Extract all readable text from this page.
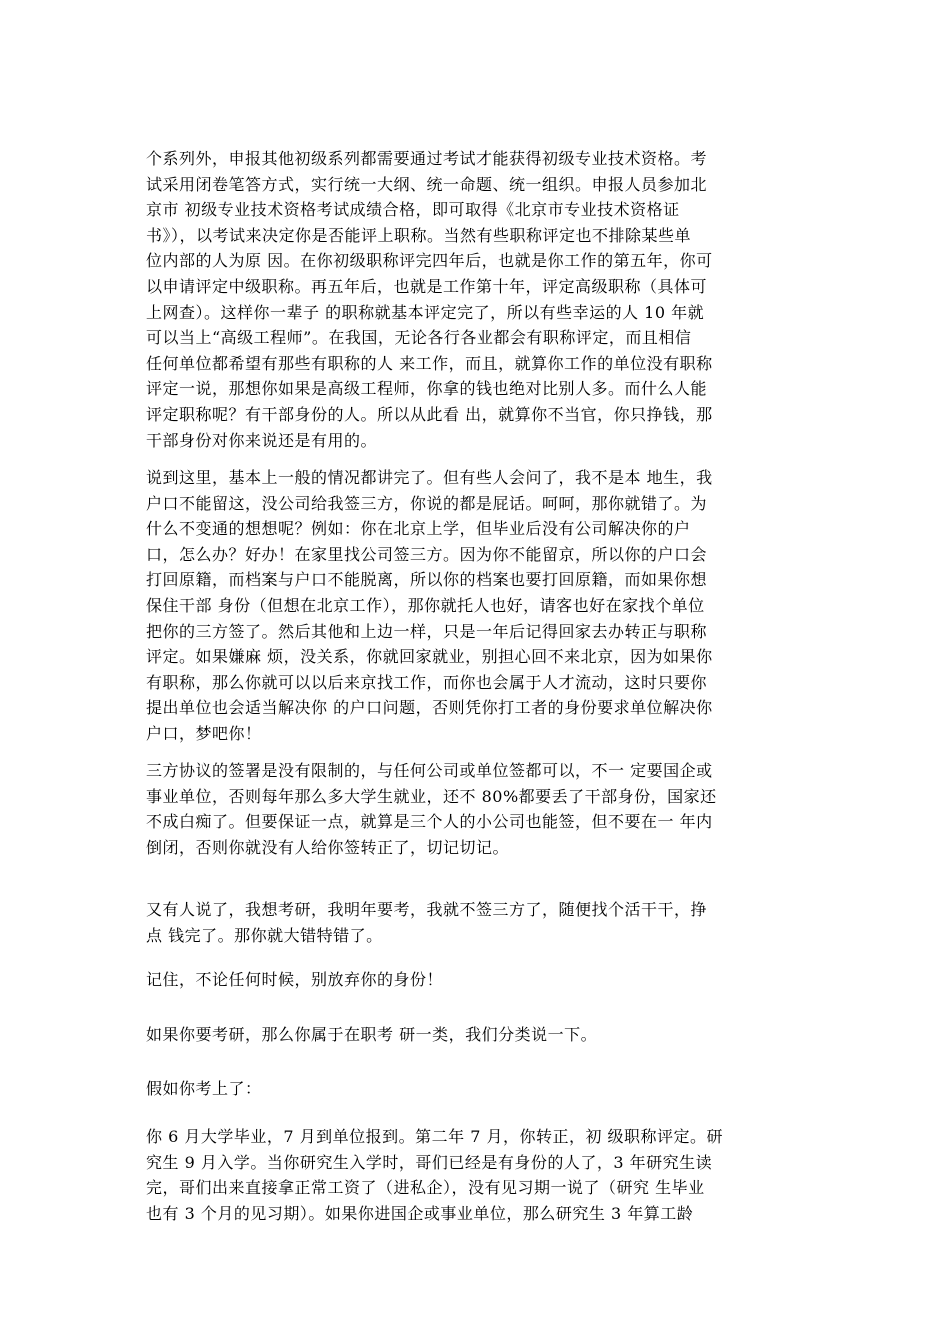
个系列外，申报其他初级系列都需要通过考试才能获得初级专业技术资格。考
试采用闭卷笔答方式，实行统一大纲、统一命题、统一组织。申报人员参加北
京市 初级专业技术资格考试成绩合格，即可取得《北京市专业技术资格证
书》），以考试来决定你是否能评上职称。当然有些职称评定也不排除某些单
位内部的人为原 因。在你初级职称评完四年后，也就是你工作的第五年，你可
以申请评定中级职称。再五年后，也就是工作第十年，评定高级职称（具体可
上网查）。这样你一辈子 的职称就基本评定完了，所以有些幸运的人 10 年就
可以当上“高级工程师”。在我国，无论各行各业都会有职称评定，而且相信
任何单位都希望有那些有职称的人 来工作，而且，就算你工作的单位没有职称
评定一说，那想你如果是高级工程师，你拿的钱也绝对比别人多。而什么人能
评定职称呢？有干部身份的人。所以从此看 出，就算你不当官，你只挣钱，那
干部身份对你来说还是有用的。

说到这里，基本上一般的情况都讲完了。但有些人会问了，我不是本 地生，我
户口不能留这，没公司给我签三方，你说的都是屁话。呵呵，那你就错了。为
什么不变通的想想呢？例如：你在北京上学，但毕业后没有公司解决你的户
口，怎么办？好办！在家里找公司签三方。因为你不能留京，所以你的户口会
打回原籍，而档案与户口不能脱离，所以你的档案也要打回原籍，而如果你想
保住干部 身份（但想在北京工作），那你就托人也好，请客也好在家找个单位
把你的三方签了。然后其他和上边一样，只是一年后记得回家去办转正与职称
评定。如果嫌麻 烦，没关系，你就回家就业，别担心回不来北京，因为如果你
有职称，那么你就可以以后来京找工作，而你也会属于人才流动，这时只要你
提出单位也会适当解决你 的户口问题，否则凭你打工者的身份要求单位解决你
户口，梦吧你！

三方协议的签署是没有限制的，与任何公司或单位签都可以，不一 定要国企或
事业单位，否则每年那么多大学生就业，还不 80%都要丢了干部身份，国家还
不成白痴了。但要保证一点，就算是三个人的小公司也能签，但不要在一 年内
倒闭，否则你就没有人给你签转正了，切记切记。

又有人说了，我想考研，我明年要考，我就不签三方了，随便找个活干干，挣
点 钱完了。那你就大错特错了。

记住，不论任何时候，别放弃你的身份！

如果你要考研，那么你属于在职考 研一类，我们分类说一下。

假如你考上了：

你 6 月大学毕业，7 月到单位报到。第二年 7 月，你转正，初 级职称评定。研
究生 9 月入学。当你研究生入学时，哥们已经是有身份的人了，3 年研究生读
完，哥们出来直接拿正常工资了（进私企），没有见习期一说了（研究 生毕业
也有 3 个月的见习期）。如果你进国企或事业单位，那么研究生 3 年算工龄
